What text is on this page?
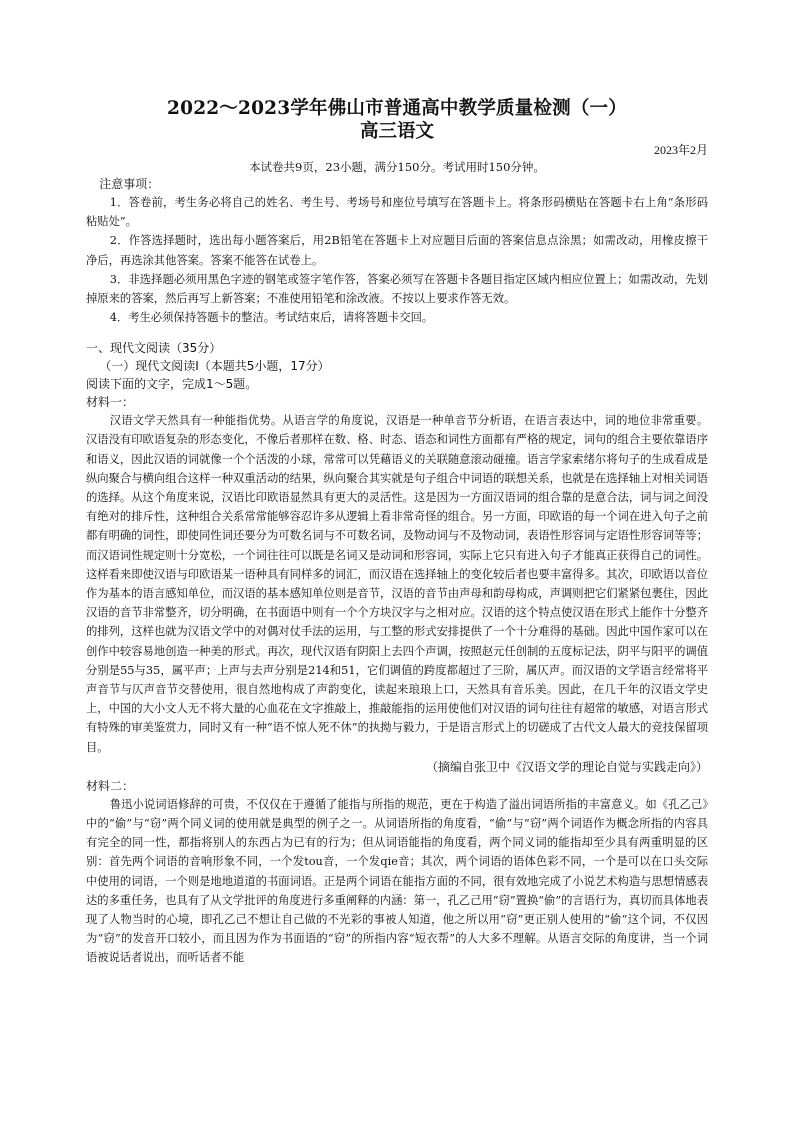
2022～2023学年佛山市普通高中教学质量检测（一）
高三语文
2023年2月
本试卷共9页，23小题，满分150分。考试用时150分钟。
注意事项：

1．答卷前，考生务必将自己的姓名、考生号、考场号和座位号填写在答题卡上。将条形码横贴在答题卡右上角“条形码粘贴处”。

2．作答选择题时，选出每小题答案后，用2B铅笔在答题卡上对应题目后面的答案信息点涂黑；如需改动，用橡皮擦干净后，再选涂其他答案。答案不能答在试卷上。

3．非选择题必须用黑色字迹的钢笔或签字笔作答，答案必须写在答题卡各题目指定区域内相应位置上；如需改动，先划掉原来的答案，然后再写上新答案；不准使用铅笔和涂改液。不按以上要求作答无效。

4．考生必须保持答题卡的整洁。考试结束后，请将答题卡交回。

一、现代文阅读（35分）
（一）现代文阅读Ⅰ（本题共5小题，17分）
阅读下面的文字，完成1～5题。
材料一：

汉语文学天然具有一种能指优势。从语言学的角度说，汉语是一种单音节分析语，在语言表达中，词的地位非常重要。汉语没有印欧语复杂的形态变化，不像后者那样在数、格、时态、语态和词性方面都有严格的规定，词句的组合主要依靠语序和语义，因此汉语的词就像一个个活泼的小球，常常可以凭藉语义的关联随意滚动碰撞。语言学家索绪尔将句子的生成看成是纵向聚合与横向组合这样一种双重活动的结果，纵向聚合其实就是句子组合中词语的联想关系，也就是在选择轴上对相关词语的选择。从这个角度来说，汉语比印欧语显然具有更大的灵活性。这是因为一方面汉语词的组合靠的是意合法，词与词之间没有绝对的排斥性，这种组合关系常常能够容忍许多从逻辑上看非常奇怪的组合。另一方面，印欧语的每一个词在进入句子之前都有明确的词性，即使同性词还要分为可数名词与不可数名词，及物动词与不及物动词，表语性形容词与定语性形容词等等；而汉语词性规定则十分宽松，一个词往往可以既是名词又是动词和形容词，实际上它只有进入句子才能真正获得自己的词性。这样看来即使汉语与印欧语某一语种具有同样多的词汇，而汉语在选择轴上的变化较后者也要丰富得多。其次，印欧语以音位作为基本的语言感知单位，而汉语的基本感知单位则是音节，汉语的音节由声母和韵母构成，声调则把它们紧紧包裹住，因此汉语的音节非常整齐，切分明确，在书面语中则有一个个方块汉字与之相对应。汉语的这个特点使汉语在形式上能作十分整齐的排列，这样也就为汉语文学中的对偶对仗手法的运用，与工整的形式安排提供了一个十分难得的基础。因此中国作家可以在创作中较容易地创造一种美的形式。再次，现代汉语有阴阳上去四个声调，按照赵元任创制的五度标记法，阴平与阳平的调值分别是55与35，属平声；上声与去声分别是214和51，它们调值的跨度都超过了三阶，属仄声。而汉语的文学语言经常将平声音节与仄声音节交替使用，很自然地构成了声韵变化，读起来琅琅上口，天然具有音乐美。因此，在几千年的汉语文学史上，中国的大小文人无不将大量的心血花在文字推敲上，推敲能指的运用使他们对汉语的词句往往有超常的敏感，对语言形式有特殊的审美鉴赏力，同时又有一种“语不惊人死不休”的执拗与毅力，于是语言形式上的切磋成了古代文人最大的竞技保留项目。

（摘编自张卫中《汉语文学的理论自觉与实践走向》）
材料二：

鲁迅小说词语修辞的可贵，不仅仅在于遵循了能指与所指的规范，更在于构造了溢出词语所指的丰富意义。如《孔乙己》中的“偷”与“窃”两个同义词的使用就是典型的例子之一。从词语所指的角度看，“偷”与“窃”两个词语作为概念所指的内容具有完全的同一性，都指将别人的东西占为已有的行为；但从词语能指的角度看，两个同义词的能指却至少具有两重明显的区别：首先两个词语的音响形象不同，一个发tou音，一个发qie音；其次，两个词语的语体色彩不同，一个是可以在口头交际中使用的词语，一个则是地地道道的书面词语。正是两个词语在能指方面的不同，很有效地完成了小说艺术构造与思想情感表达的多重任务，也具有了从文学批评的角度进行多重阐释的内涵：第一，孔乙己用“窃”置换“偷”的言语行为，真切而具体地表现了人物当时的心境，即孔乙己不想让自己做的不光彩的事被人知道，他之所以用“窃”更正别人使用的“偷”这个词，不仅因为“窃”的发音开口较小，而且因为作为书面语的“窃”的所指内容“短衣帮”的人大多不理解。从语言交际的角度讲，当一个词语被说话者说出，而听话者不能
